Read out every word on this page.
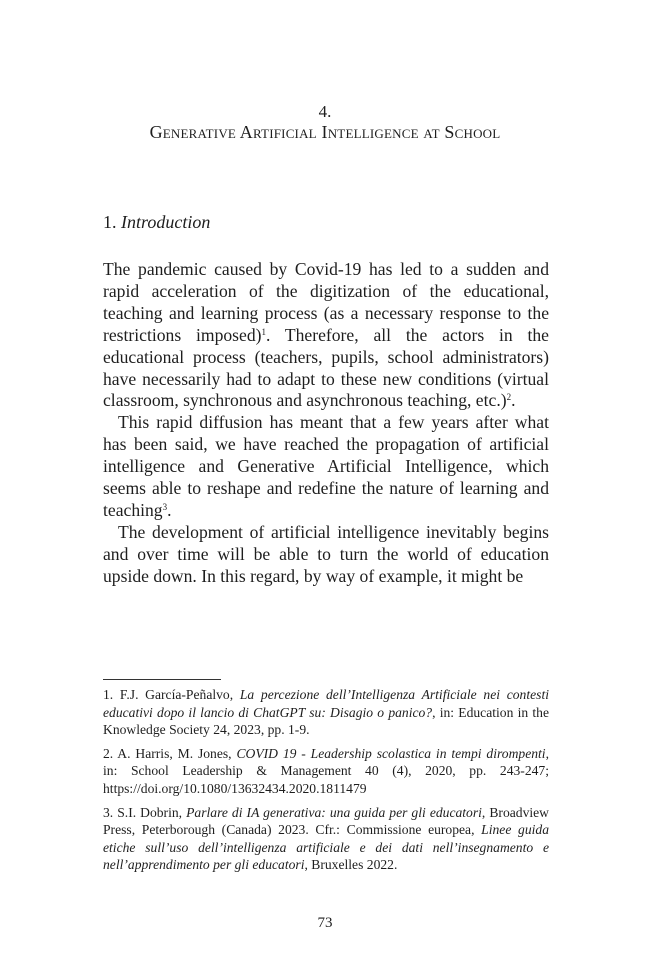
4.
Generative Artificial Intelligence at School
1. Introduction

The pandemic caused by Covid-19 has led to a sudden and rapid acceleration of the digitization of the educational, teaching and learning process (as a necessary response to the restrictions imposed)$^1$. Therefore, all the actors in the educational process (teachers, pupils, school administrators) have necessarily had to adapt to these new conditions (virtual classroom, synchronous and asynchronous teaching, etc.)$^2$.

This rapid diffusion has meant that a few years after what has been said, we have reached the propagation of artificial intelligence and Generative Artificial Intelligence, which seems able to reshape and redefine the nature of learning and teaching$^3$.

The development of artificial intelligence inevitably begins and over time will be able to turn the world of education upside down. In this regard, by way of example, it might be

1. F.J. García-Peñalvo, La percezione dell’Intelligenza Artificiale nei contesti educativi dopo il lancio di ChatGPT su: Disagio o panico?, in: Education in the Knowledge Society 24, 2023, pp. 1-9.

2. A. Harris, M. Jones, COVID 19 - Leadership scolastica in tempi dirompenti, in: School Leadership & Management 40 (4), 2020, pp. 243-247; https://doi.org/10.1080/13632434.2020.1811479

3. S.I. Dobrin, Parlare di IA generativa: una guida per gli educatori, Broadview Press, Peterborough (Canada) 2023. Cfr.: Commissione europea, Linee guida etiche sull’uso dell’intelligenza artificiale e dei dati nell’insegnamento e nell’apprendimento per gli educatori, Bruxelles 2022.

73
